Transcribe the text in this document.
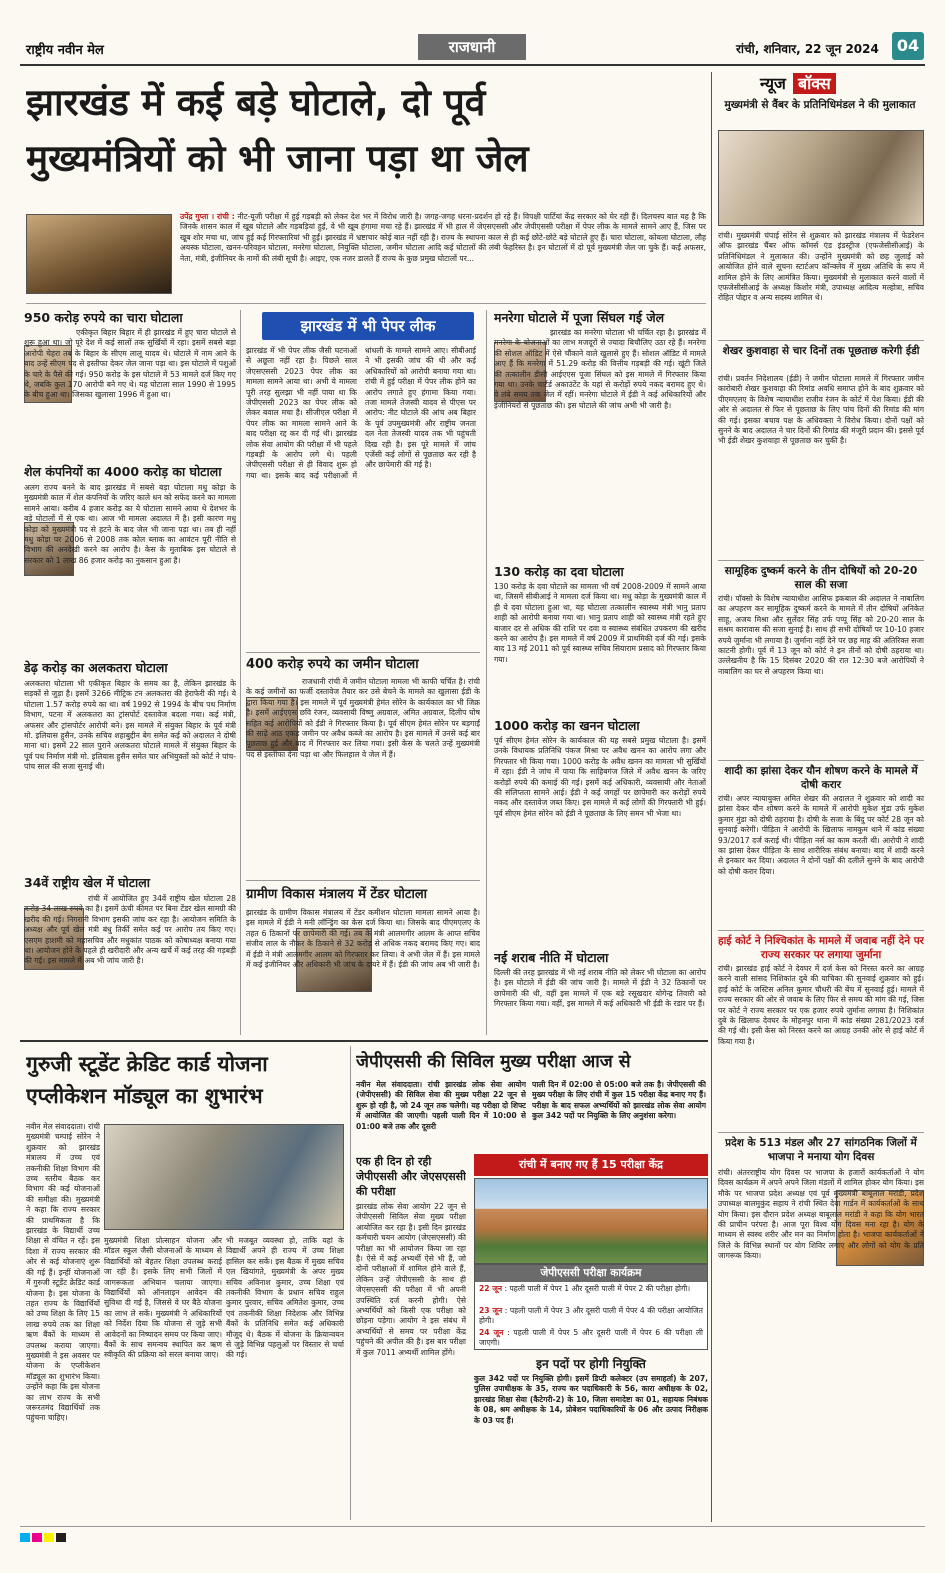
राष्ट्रीय नवीन मेल	राजधानी	रांची, शनिवार, 22 जून 2024	04
झारखंड में कई बड़े घोटाले, दो पूर्व
मुख्यमंत्रियों को भी जाना पड़ा था जेल
उपेंद्र गुप्ता । रांची : नीट-यूजी परीक्षा में हुई गड़बड़ी को लेकर देश भर में विरोध जारी है। जगह-जगह धरना-प्रदर्शन हो रहे हैं। विपक्षी पार्टियां केंद्र सरकार को घेर रही हैं। दिलचस्प बात यह है कि जिनके शासन काल में खूब घोटाले और गड़बड़ियां हुईं, वे भी खूब हंगामा मचा रहे हैं। झारखंड में भी हाल में जेएसएससी और जेपीएससी परीक्षा में पेपर लीक के मामले सामने आए हैं, जिस पर खूब शोर मचा था, जांच हुई कई गिरफ्तारियां भी हुईं। झारखंड में भ्रष्टाचार कोई बात नहीं रही है। राज्य के स्थापना काल से ही कई छोटे-छोटे बड़े घोटाले हुए हैं। चारा घोटाला, कोयला घोटाला, लौह अयस्क घोटाला, खनन-परिवहन घोटाला, मनरेगा घोटाला, नियुक्ति घोटाला, जमीन घोटाला आदि कई घोटालों की लंबी फेहरिस्त है। इन घोटालों में दो पूर्व मुख्यमंत्री जेल जा चुके हैं। कई अफसर, नेता, मंत्री, इंजीनियर के नामों की लंबी सूची है। आइए, एक नजर डालते हैं राज्य के कुछ प्रमुख घोटालों पर...
950 करोड़ रुपये का चारा घोटाला
एकीकृत बिहार बिहार में ही झारखंड में हुए चारा घोटाले से शुरू हुआ था। जो पूरे देश में कई सालों तक सुर्खियों में रहा। इसमें सबसे बड़ा आरोपी चेहरा तब के बिहार के सीएम लालू यादव थे। घोटाले में नाम आने के बाद उन्हें सीएम पद से इस्तीफा देकर जेल जाना पड़ा था। इस घोटाले में पशुओं के चारे के पैसे की गई। 950 करोड़ के इस घोटाले में 53 मामले दर्ज किए गए थे, जबकि कुल 170 आरोपी बने गए थे। यह घोटाला साल 1990 से 1995 के बीच हुआ था। जिसका खुलासा 1996 में हुआ था।
शेल कंपनियों का 4000 करोड़ का घोटाला
अलग राज्य बनने के बाद झारखंड में सबसे बड़ा घोटाला मधु कोड़ा के मुख्यमंत्री काल में शेल कंपनियों के जरिए काले धन को सफेद करने का मामला सामने आया। करीब 4 हजार करोड़ का ये घोटाला सामने आया थे देशभर के बड़े घोटालों में से एक था। आज भी मामला अदालत में है। इसी कारण मधु कोड़ा को मुख्यमंत्री पद से हटने के बाद जेल भी जाना पड़ा था। तब ही नहीं मधु कोड़ा पर 2006 से 2008 तक कोल ब्लाक का आवंटन पूरी नीति से विभाग की अनदेखी करने का आरोप है। केस के मुताबिक इस घोटाले से सरकार को 1 लाख 86 हजार करोड़ का नुकसान हुआ है।
डेढ़ करोड़ का अलकतरा घोटाला
अलकतरा घोटाला भी एकीकृत बिहार के समय का है, लेकिन झारखंड के सड़कों से जुड़ा है। इसमें 3266 मीट्रिक टन अलकतरा की हेराफेरी की गई। ये घोटाला 1.57 करोड़ रुपये का था। वर्ष 1992 से 1994 के बीच पथ निर्माण विभाग, पटना में अलकतरा का ट्रांसपोर्ट दस्तावेज बदला गया। कई मंत्री, अफसर और ट्रांसपोर्टर आरोपी बने। इस मामले में संयुक्त बिहार के पूर्व मंत्री मो. इलियास हुसैन, उनके सचिव शहाबुद्दीन बेग समेत कई को अदालत ने दोषी माना था। इसमें 22 साल पुराने अलकतरा घोटाले मामले में संयुक्त बिहार के पूर्व पथ निर्माण मंत्री मो. इलियास हुसैन समेत चार अभियुक्तों को कोर्ट ने पांच-पांच साल की सजा सुनाई थी।
34वें राष्ट्रीय खेल में घोटाला
रांची में आयोजित हुए 34वें राष्ट्रीय खेल घोटाला 28 करोड़ 34 लाख रुपये का है। इसमें ऊंची कीमत पर बिना टेंडर खेल सामग्री की खरीद की गई। निगरानी विभाग इसकी जांच कर रहा है। आयोजन समिति के अध्यक्ष और पूर्व खेल मंत्री बंधु तिर्की समेत कई पर आरोप तय किए गए। एसएम हाशमी को महासचिव और मधुकांत पाठक को कोषाध्यक्ष बनाया गया था। आयोजन होने के पहले ही खरीदारी और अन्य खर्चे में कई तरह की गड़बड़ी की गई। इस मामले में अब भी जांच जारी है।
झारखंड में भी पेपर लीक
झारखंड में भी पेपर लीक जैसी घटनाओं से अछूता नहीं रहा है। पिछले साल जेएसएससी 2023 पेपर लीक का मामला सामने आया था। अभी ये मामला पूरी तरह सुलझा भी नहीं पाया था कि जेपीएससी 2023 का पेपर लीक को लेकर बवाल मचा है। सीजीएल परीक्षा में पेपर लीक का मामला सामने आने के बाद परीक्षा रद्द कर दी गई थी। झारखंड लोक सेवा आयोग की परीक्षा में भी पहले गड़बड़ी के आरोप लगे थे। पहली जेपीएससी परीक्षा से ही विवाद शुरू हो गया था। इसके बाद कई परीक्षाओं में धांधली के मामले सामने आए। सीबीआई ने भी इसकी जांच की थी और कई अधिकारियों को आरोपी बनाया गया था। रांची में हुई परीक्षा में पेपर लीक होने का आरोप लगाते हुए हंगामा किया गया। तजा मामले तेजस्वी यादव से पीएस पर आरोप: नीट घोटाले की आंच अब बिहार के पूर्व उपमुख्यमंत्री और राष्ट्रीय जनता दल नेता तेजस्वी यादव तक भी पहुंचती दिख रही है। इस पूरे मामले में जांच एजेंसी कई लोगों से पूछताछ कर रही है और छापेमारी की गई है।
400 करोड़ रुपये का जमीन घोटाला
राजधानी रांची में जमीन घोटाला मामला भी काफी चर्चित है। रांची के कई जमीनों का फर्जी दस्तावेज तैयार कर उसे बेचने के मामले का खुलासा ईडी के द्वारा किया गया है। इस मामले में पूर्व मुख्यमंत्री हेमंत सोरेन के कार्यकाल का भी जिक्र है। इसमें आईएएस छवि रंजन, व्यवसायी विष्णु अग्रवाल, अमित अग्रवाल, दिलीप घोष सहित कई आरोपियों को ईडी ने गिरफ्तार किया है। पूर्व सीएम हेमंत सोरेन पर बड़गाईं की साढ़े आठ एकड़ जमीन पर अवैध कब्जे का आरोप है। इस मामले में उनसे कई बार पूछताछ हुई और बाद में गिरफ्तार कर लिया गया। इसी केस के चलते उन्हें मुख्यमंत्री पद से इस्तीफा देना पड़ा था और फिलहाल वे जेल में हैं।
ग्रामीण विकास मंत्रालय में टेंडर घोटाला
झारखंड के ग्रामीण विकास मंत्रालय में टेंडर कमीशन घोटाला मामला सामने आया है। इस मामले में ईडी ने मनी लॉन्ड्रिंग का केस दर्ज किया था। जिसके बाद पीएमएलए के तहत 6 ठिकानों पर छापेमारी की गई। तब के मंत्री आलमगीर आलम के आप्त सचिव संजीव लाल के नौकर के ठिकाने से 32 करोड़ से अधिक नकद बरामद किए गए। बाद में ईडी ने मंत्री आलमगीर आलम को गिरफ्तार कर लिया। वे अभी जेल में हैं। इस मामले में कई इंजीनियर और अधिकारी भी जांच के दायरे में हैं। ईडी की जांच अब भी जारी है।
मनरेगा घोटाले में पूजा सिंघल गई जेल
झारखंड का मनरेगा घोटाला भी चर्चित रहा है। झारखंड में मनरेगा के योजनाओं का लाभ मजदूरों से ज्यादा बिचौलिए उठा रहे हैं। मनरेगा की सोशल ऑडिट में ऐसे चौंकाने वाले खुलासे हुए हैं। सोशल ऑडिट में मामले आए हैं कि मनरेगा में 51.29 करोड़ की वित्तीय गड़बड़ी की गई। खूंटी जिले की तत्कालीन डीसी आईएएस पूजा सिंघल को इस मामले में गिरफ्तार किया गया था। उनके चार्टर्ड अकाउंटेंट के यहां से करोड़ों रुपये नकद बरामद हुए थे। वे लंबे समय तक जेल में रहीं। मनरेगा घोटाले में ईडी ने कई अधिकारियों और इंजीनियरों से पूछताछ की। इस घोटाले की जांच अभी भी जारी है।
130 करोड़ का दवा घोटाला
130 करोड़ के दवा घोटाले का मामला भी वर्ष 2008-2009 में सामने आया था, जिसमें सीबीआई ने मामला दर्ज किया था। मधु कोड़ा के मुख्यमंत्री काल में ही ये दवा घोटाला हुआ था, यह घोटाला तत्कालीन स्वास्थ्य मंत्री भानु प्रताप शाही को आरोपी बनाया गया था। भानु प्रताप शाही को स्वास्थ्य मंत्री रहते हुए बाजार दर से अधिक की राशि पर दवा व स्वास्थ्य संबंधित उपकरण की खरीद करने का आरोप है। इस मामले में वर्ष 2009 में प्राथमिकी दर्ज की गई। इसके बाद 13 मई 2011 को पूर्व स्वास्थ्य सचिव सियाराम प्रसाद को गिरफ्तार किया गया।
1000 करोड़ का खनन घोटाला
पूर्व सीएम हेमंत सोरेन के कार्यकाल की यह सबसे प्रमुख घोटाला है। इसमें उनके विधायक प्रतिनिधि पंकज मिश्रा पर अवैध खनन का आरोप लगा और गिरफ्तार भी किया गया। 1000 करोड़ के अवैध खनन का मामला भी सुर्खियों में रहा। ईडी ने जांच में पाया कि साहिबगंज जिले में अवैध खनन के जरिए करोड़ों रुपये की कमाई की गई। इसमें कई अधिकारी, व्यवसायी और नेताओं की संलिप्तता सामने आई। ईडी ने कई जगहों पर छापेमारी कर करोड़ों रुपये नकद और दस्तावेज जब्त किए। इस मामले में कई लोगों की गिरफ्तारी भी हुई। पूर्व सीएम हेमंत सोरेन को ईडी ने पूछताछ के लिए समन भी भेजा था।
नई शराब नीति में घोटाला
दिल्ली की तरह झारखंड में भी नई शराब नीति को लेकर भी घोटाला का आरोप है। इस घोटाले में ईडी की जांच जारी है। मामले में ईडी ने 32 ठिकानों पर छापेमारी की थी, वहीं इस मामले में एक बड़े रसूखदार योगेन्द्र तिवारी को गिरफ्तार किया गया। वहीं, इस मामले में कई अधिकारी भी ईडी के रडार पर हैं।
न्यूज बॉक्स
मुख्यमंत्री से वैंबर के प्रतिनिधिमंडल ने की मुलाकात
रांची। मुख्यमंत्री चंपाई सोरेन से शुक्रवार को झारखंड मंत्रालय में फेडरेशन ऑफ झारखंड चैंबर ऑफ कॉमर्स एंड इंडस्ट्रीज (एफजेसीसीआई) के प्रतिनिधिमंडल ने मुलाकात की। उन्होंने मुख्यमंत्री को छह जुलाई को आयोजित होने वाले सूचना स्टार्टअप कॉन्क्लेव में मुख्य अतिथि के रूप में शामिल होने के लिए आमंत्रित किया। मुख्यमंत्री से मुलाकात करने वालों में एफजेसीसीआई के अध्यक्ष किशोर मंत्री, उपाध्यक्ष आदित्य मल्होत्रा, सचिव रोहित पोद्दार व अन्य सदस्य शामिल थे।
शेखर कुशवाहा से चार दिनों तक पूछताछ करेगी ईडी
रांची। प्रवर्तन निदेशालय (ईडी) ने जमीन घोटाला मामले में गिरफ्तार जमीन कारोबारी शेखर कुशवाहा की रिमांड अवधि समाप्त होने के बाद शुक्रवार को पीएमएलए के विशेष न्यायाधीश राजीव रंजन के कोर्ट में पेश किया। ईडी की ओर से अदालत से फिर से पूछताछ के लिए पांच दिनों की रिमांड की मांग की गई। इसका बचाव पक्ष के अधिवक्ता ने विरोध किया। दोनों पक्षों को सुनने के बाद अदालत ने चार दिनों की रिमांड की मंजूरी प्रदान की। इससे पूर्व भी ईडी शेखर कुशवाहा से पूछताछ कर चुकी है।
सामूहिक दुष्कर्म करने के तीन दोषियों को 20-20 साल की सजा
रांची। पॉक्सो के विशेष न्यायाधीश आसिफ इकबाल की अदालत ने नाबालिग का अपहरण कर सामूहिक दुष्कर्म करने के मामले में तीन दोषियों अनिकेत साहू, अजय मिश्रा और सुलेंदर सिंह उर्फ पप्पू सिंह को 20-20 साल के सश्रम कारावास की सजा सुनाई है। साथ ही सभी दोषियों पर 10-10 हजार रुपये जुर्माना भी लगाया है। जुर्माना नहीं देने पर छह माह की अतिरिक्त सजा काटनी होगी। पूर्व में 13 जून को कोर्ट ने इन तीनों को दोषी ठहराया था। उल्लेखनीय है कि 15 दिसंबर 2020 की रात 12:30 बजे आरोपियों ने नाबालिग का घर से अपहरण किया था।
शादी का झांसा देकर यौन शोषण करने के मामले में दोषी करार
रांची। अपर न्यायायुक्त अमित शेखर की अदालत ने शुक्रवार को शादी का झांसा देकर यौन शोषण करने के मामले में आरोपी मुकेश मुंडा उर्फ मुकेश कुमार मुंडा को दोषी ठहराया है। दोषी के सजा के बिंदु पर कोर्ट 28 जून को सुनवाई करेगी। पीड़िता ने आरोपी के खिलाफ नामकुम थाने में कांड संख्या 93/2017 दर्ज कराई थी। पीड़िता नर्स का काम करती थी। आरोपी ने शादी का झांसा देकर पीड़िता के साथ शारीरिक संबंध बनाया। बाद में शादी करने से इनकार कर दिया। अदालत ने दोनों पक्षों की दलीलें सुनने के बाद आरोपी को दोषी करार दिया।
हाई कोर्ट ने निश्चिकांत के मामले में जवाब नहीं देने पर राज्य सरकार पर लगाया जुर्माना
रांची। झारखंड हाई कोर्ट ने देवघर में दर्ज केस को निरस्त करने का आग्रह करने वाली सांसद निशिकांत दुबे की याचिका की सुनवाई शुक्रवार को हुई। हाई कोर्ट के जस्टिस अनिल कुमार चौधरी की बेंच में सुनवाई हुई। मामले में राज्य सरकार की ओर से जवाब के लिए फिर से समय की मांग की गई, जिस पर कोर्ट ने राज्य सरकार पर एक हजार रुपये जुर्माना लगाया है। निशिकांत दुबे के खिलाफ देवघर के मोहनपुर थाना में कांड संख्या 281/2023 दर्ज की गई थी। इसी केस को निरस्त करने का आग्रह उनकी ओर से हाई कोर्ट में किया गया है।
प्रदेश के 513 मंडल और 27 सांगठनिक जिलों में भाजपा ने मनाया योग दिवस
रांची। अंतरराष्ट्रीय योग दिवस पर भाजपा के हजारों कार्यकर्ताओं ने योग दिवस कार्यक्रम में अपने अपने जिला मंडलों में शामिल होकर योग किया। इस मौके पर भाजपा प्रदेश अध्यक्ष एवं पूर्व मुख्यमंत्री बाबूलाल मरांडी, प्रदेश उपाध्यक्ष बालमुकुंद सहाय ने रांची स्थित देवा गार्डन में कार्यकर्ताओं के साथ योग किया। इस दौरान प्रदेश अध्यक्ष बाबूलाल मरांडी ने कहा कि योग भारत की प्राचीन परंपरा है। आज पूरा विश्व योग दिवस मना रहा है। योग के माध्यम से स्वस्थ शरीर और मन का निर्माण होता है। भाजपा कार्यकर्ताओं ने जिले के विभिन्न स्थानों पर योग शिविर लगाए और लोगों को योग के प्रति जागरूक किया।
गुरुजी स्टूडेंट क्रेडिट कार्ड योजना
एप्लीकेशन मॉड्यूल का शुभारंभ
नवीन मेल संवाददाता। रांची मुख्यमंत्री चम्पाई सोरेन ने शुक्रवार को झारखंड मंत्रालय में उच्च एवं तकनीकी शिक्षा विभाग की उच्च स्तरीय बैठक कर विभाग की कई योजनाओं की समीक्षा की। मुख्यमंत्री ने कहा कि राज्य सरकार की प्राथमिकता है कि झारखंड के विद्यार्थी उच्च शिक्षा से वंचित न रहें। इस दिशा में राज्य सरकार की ओर से कई योजनाएं शुरू की गई हैं। इन्हीं योजनाओं में गुरुजी स्टूडेंट क्रेडिट कार्ड योजना है। इस योजना के तहत राज्य के विद्यार्थियों को उच्च शिक्षा के लिए 15 लाख रुपये तक का शिक्षा ऋण बैंकों के माध्यम से उपलब्ध कराया जाएगा। मुख्यमंत्री ने इस अवसर पर योजना के एप्लीकेशन मॉड्यूल का शुभारंभ किया। उन्होंने कहा कि इस योजना का लाभ राज्य के सभी जरूरतमंद विद्यार्थियों तक पहुंचना चाहिए।
मुख्यमंत्री शिक्षा प्रोत्साहन योजना और मॉडल स्कूल जैसी योजनाओं के माध्यम से विद्यार्थियों को बेहतर शिक्षा उपलब्ध कराई जा रही है। इसके लिए सभी जिलों में जागरूकता अभियान चलाया जाएगा। विद्यार्थियों को ऑनलाइन आवेदन की सुविधा दी गई है, जिससे वे घर बैठे योजना का लाभ ले सकें। मुख्यमंत्री ने अधिकारियों को निर्देश दिया कि योजना से जुड़े सभी आवेदनों का निष्पादन समय पर किया जाए। बैंकों के साथ समन्वय स्थापित कर ऋण स्वीकृति की प्रक्रिया को सरल बनाया जाए।
भी मजबूत व्यवस्था हो, ताकि यहां के विद्यार्थी अपने ही राज्य में उच्च शिक्षा हासिल कर सकें। इस बैठक में मुख्य सचिव एल खियांगते, मुख्यमंत्री के अपर मुख्य सचिव अविनाश कुमार, उच्च शिक्षा एवं तकनीकी विभाग के प्रधान सचिव राहुल कुमार पुरवार, सचिव अमितेश कुमार, उच्च एवं तकनीकी शिक्षा निदेशक और विभिन्न बैंकों के प्रतिनिधि समेत कई अधिकारी मौजूद थे। बैठक में योजना के क्रियान्वयन से जुड़े विभिन्न पहलुओं पर विस्तार से चर्चा की गई।
जेपीएससी की सिविल मुख्य परीक्षा आज से
नवीन मेल संवाददाता। रांची झारखंड लोक सेवा आयोग (जेपीएससी) की सिविल सेवा की मुख्य परीक्षा 22 जून से शुरू हो रही है, जो 24 जून तक चलेगी। यह परीक्षा दो शिफ्ट में आयोजित की जाएगी। पहली पाली दिन में 10:00 से 01:00 बजे तक और दूसरी
पाली दिन में 02:00 से 05:00 बजे तक है। जेपीएससी की मुख्य परीक्षा के लिए रांची में कुल 15 परीक्षा केंद्र बनाए गए हैं। परीक्षा के बाद सफल अभ्यर्थियों को झारखंड लोक सेवा आयोग कुल 342 पदों पर नियुक्ति के लिए अनुशंसा करेगा।
एक ही दिन हो रही जेपीएससी और जेएसएससी की परीक्षा
झारखंड लोक सेवा आयोग 22 जून से जेपीएससी सिविल सेवा मुख्य परीक्षा आयोजित कर रहा है। इसी दिन झारखंड कर्मचारी चयन आयोग (जेएसएससी) की परीक्षा का भी आयोजन किया जा रहा है। ऐसे में कई अभ्यर्थी ऐसे भी हैं, जो दोनों परीक्षाओं में शामिल होने वाले हैं, लेकिन उन्हें जेपीएससी के साथ ही जेएसएससी की परीक्षा में भी अपनी उपस्थिति दर्ज करनी होगी। ऐसे अभ्यर्थियों को किसी एक परीक्षा को छोड़ना पड़ेगा। आयोग ने इस संबंध में अभ्यर्थियों से समय पर परीक्षा केंद्र पहुंचने की अपील की है। इस बार परीक्षा में कुल 7011 अभ्यर्थी शामिल होंगे।
रांची में बनाए गए हैं 15 परीक्षा केंद्र
जेपीएससी परीक्षा कार्यक्रम
22 जून : पहली पाली में पेपर 1 और दूसरी पाली में पेपर 2 की परीक्षा होगी।
23 जून : पहली पाली में पेपर 3 और दूसरी पाली में पेपर 4 की परीक्षा आयोजित होगी।
24 जून : पहली पाली में पेपर 5 और दूसरी पाली में पेपर 6 की परीक्षा ली जाएगी।
इन पदों पर होगी नियुक्ति
कुल 342 पदों पर नियुक्ति होगी। इसमें डिप्टी कलेक्टर (उप समाहर्ता) के 207, पुलिस उपाधीक्षक के 35, राज्य कर पदाधिकारी के 56, कारा अधीक्षक के 02, झारखंड शिक्षा सेवा (कैटेगरी-2) के 10, जिला समादेष्टा का 01, सहायक निबंधक के 08, श्रम अधीक्षक के 14, प्रोबेशन पदाधिकारियों के 06 और उत्पाद निरीक्षक के 03 पद हैं।
